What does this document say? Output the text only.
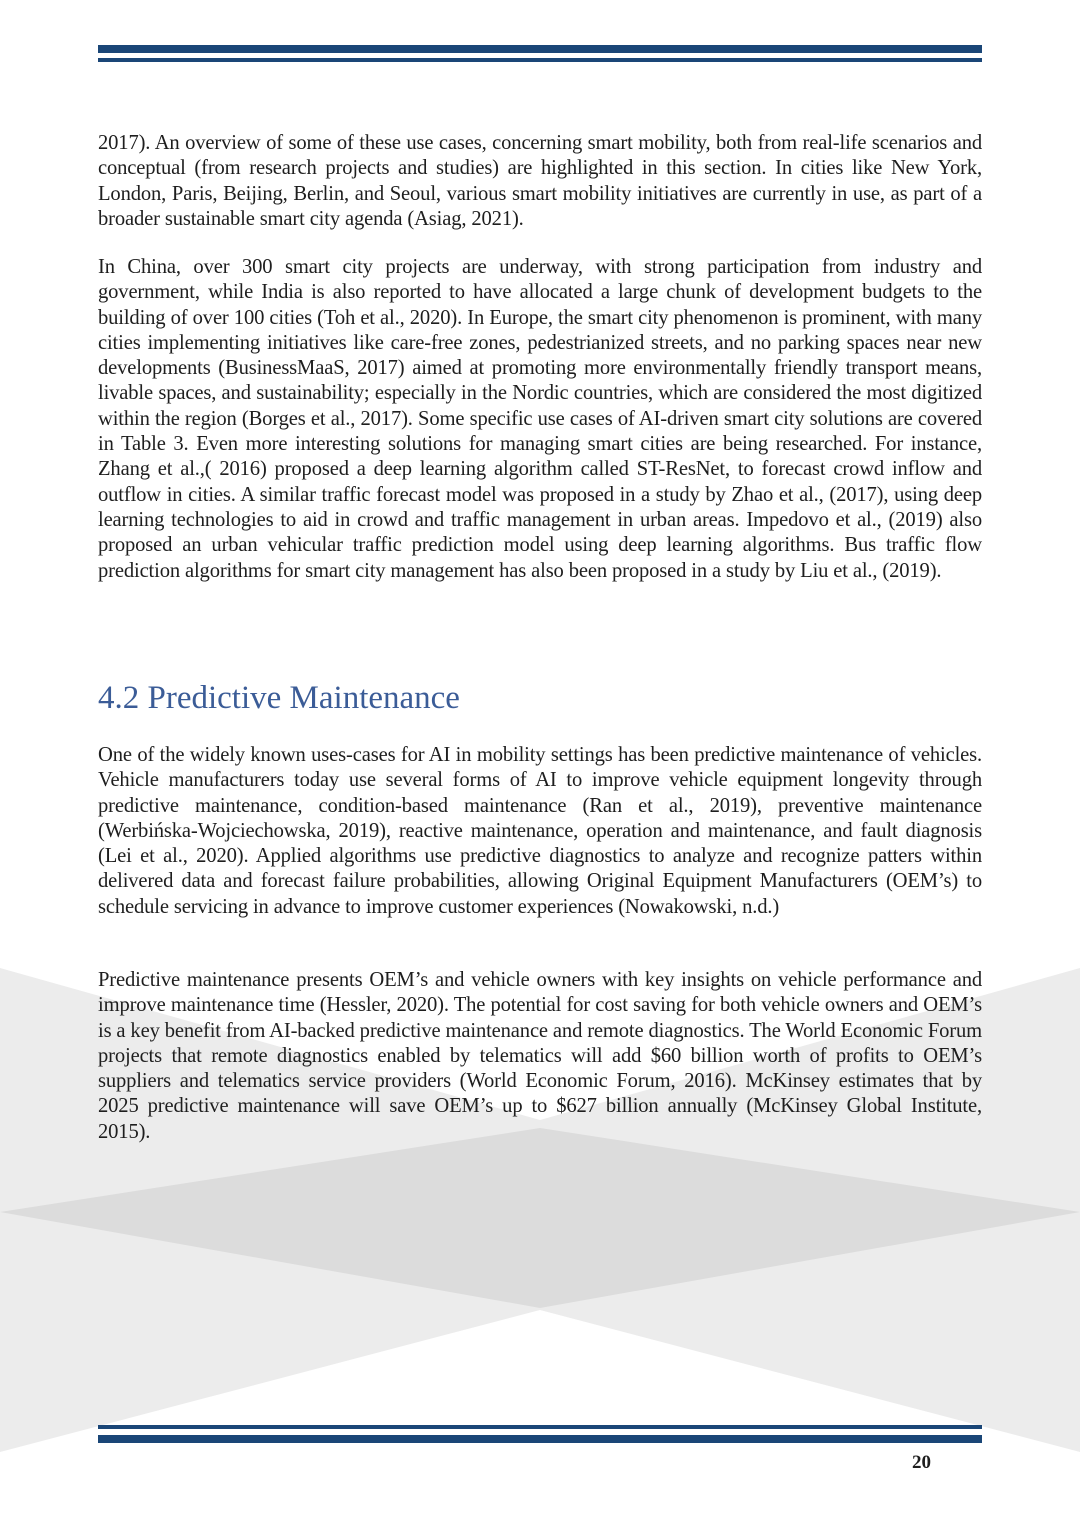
2017). An overview of some of these use cases, concerning smart mobility, both from real-life scenarios and conceptual (from research projects and studies) are highlighted in this section. In cities like New York, London, Paris, Beijing, Berlin, and Seoul, various smart mobility initiatives are currently in use, as part of a broader sustainable smart city agenda (Asiag, 2021).

In China, over 300 smart city projects are underway, with strong participation from industry and government, while India is also reported to have allocated a large chunk of development budgets to the building of over 100 cities (Toh et al., 2020). In Europe, the smart city phenomenon is prominent, with many cities implementing initiatives like care-free zones, pedestrianized streets, and no parking spaces near new developments (BusinessMaaS, 2017) aimed at promoting more environmentally friendly transport means, livable spaces, and sustainability; especially in the Nordic countries, which are considered the most digitized within the region (Borges et al., 2017). Some specific use cases of AI-driven smart city solutions are covered in Table 3. Even more interesting solutions for managing smart cities are being researched. For instance, Zhang et al.,( 2016) proposed a deep learning algorithm called ST-ResNet, to forecast crowd inflow and outflow in cities. A similar traffic forecast model was proposed in a study by Zhao et al., (2017), using deep learning technologies to aid in crowd and traffic management in urban areas. Impedovo et al., (2019) also proposed an urban vehicular traffic prediction model using deep learning algorithms. Bus traffic flow prediction algorithms for smart city management has also been proposed in a study by Liu et al., (2019).

4.2 Predictive Maintenance

One of the widely known uses-cases for AI in mobility settings has been predictive maintenance of vehicles. Vehicle manufacturers today use several forms of AI to improve vehicle equipment longevity through predictive maintenance, condition-based maintenance (Ran et al., 2019), preventive maintenance (Werbińska-Wojciechowska, 2019), reactive maintenance, operation and maintenance, and fault diagnosis (Lei et al., 2020). Applied algorithms use predictive diagnostics to analyze and recognize patters within delivered data and forecast failure probabilities, allowing Original Equipment Manufacturers (OEM’s) to schedule servicing in advance to improve customer experiences (Nowakowski, n.d.)

Predictive maintenance presents OEM’s and vehicle owners with key insights on vehicle performance and improve maintenance time (Hessler, 2020). The potential for cost saving for both vehicle owners and OEM’s is a key benefit from AI-backed predictive maintenance and remote diagnostics. The World Economic Forum projects that remote diagnostics enabled by telematics will add $60 billion worth of profits to OEM’s suppliers and telematics service providers (World Economic Forum, 2016). McKinsey estimates that by 2025 predictive maintenance will save OEM’s up to $627 billion annually (McKinsey Global Institute, 2015).

20
